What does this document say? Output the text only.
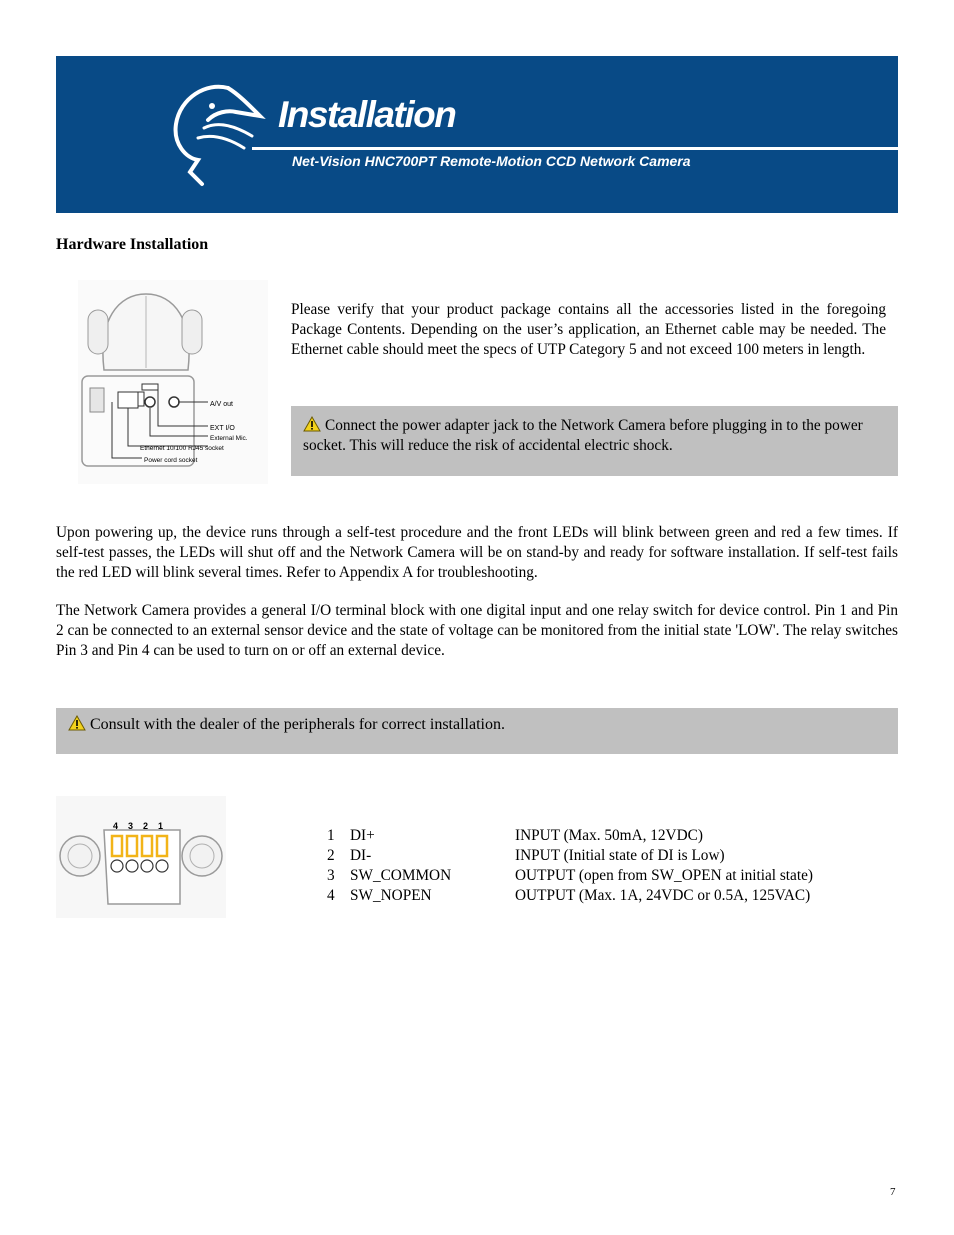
Installation
Net-Vision HNC700PT Remote-Motion CCD Network Camera
Hardware Installation
A/V out
EXT I/O
External Mic.
Ethernet 10/100 RJ45 socket
Power cord socket
Please verify that your product package contains all the accessories listed in the foregoing Package Contents. Depending on the user’s application, an Ethernet cable may be needed. The Ethernet cable should meet the specs of UTP Category 5 and not exceed 100 meters in length.
Connect the power adapter jack to the Network Camera before plugging in to the power socket. This will reduce the risk of accidental electric shock.
Upon powering up, the device runs through a self-test procedure and the front LEDs will blink between green and red a few times. If self-test passes, the LEDs will shut off and the Network Camera will be on stand-by and ready for software installation. If self-test fails the red LED will blink several times. Refer to Appendix A for troubleshooting.
The Network Camera provides a general I/O terminal block with one digital input and one relay switch for device control. Pin 1 and Pin 2 can be connected to an external sensor device and the state of voltage can be monitored from the initial state 'LOW'. The relay switches Pin 3 and Pin 4 can be used to turn on or off an external device.
Consult with the dealer of the peripherals for correct installation.
4 3 2 1
1	DI+	INPUT (Max. 50mA, 12VDC)
2	DI-	INPUT (Initial state of DI is Low)
3	SW_COMMON	OUTPUT (open from SW_OPEN at initial state)
4	SW_NOPEN	OUTPUT (Max. 1A, 24VDC or 0.5A, 125VAC)
7
